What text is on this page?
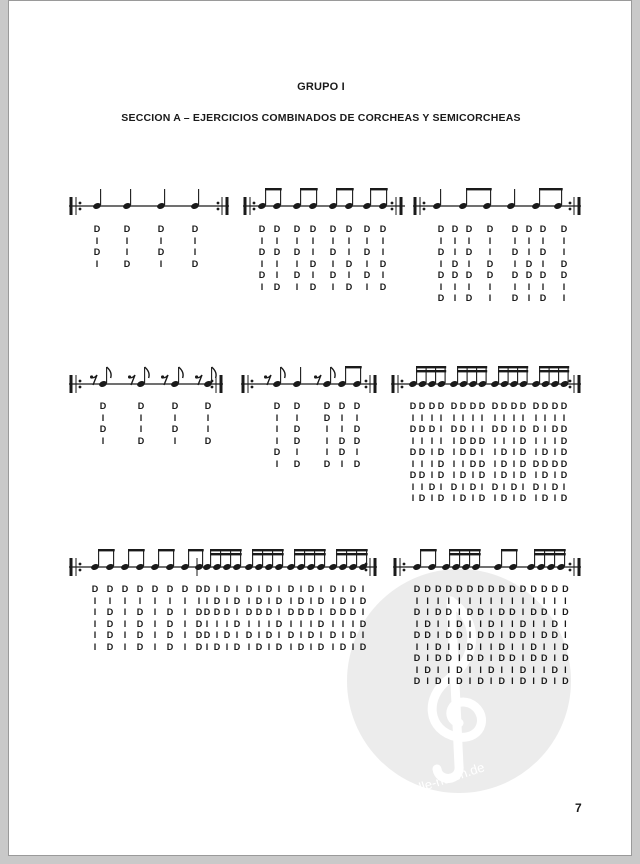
GRUPO I
SECCION A – EJERCICIOS COMBINADOS DE CORCHEAS Y SEMICORCHEAS
alle-noten.de
D
I
D
I
D
I
I
D
D
I
D
I
D
I
I
D
D
I
D
I
D
I
D
I
D
I
I
D
D
I
D
I
D
I
D
I
I
D
I
D
D
I
D
I
D
I
D
I
I
D
I
D
D
I
D
I
D
I
D
I
I
D
I
D
D
I
D
I
D
I
D
D
I
I
D
D
I
I
D
I
D
I
D
I
D
D
I
I
D
D
I
I
D
I
D
I
D
I
D
D
I
I
D
D
I
I
D
I
D
I
D
I
D
D
I
I
D
D
I
I
D
I
D
I
D
I
I
D
D
I
D
I
D
I
I
D
D
I
I
I
D
I
D
I
D
D
I
D
D
D
I
I
I
D
D
I
I
D
D
I
D
I
D
D
I
D
D
I
D
I
D
I
D
I
I
D
I
D
I
D
I
D
I
D
D
I
D
I
I
I
I
D
I
D
I
I
I
D
D
D
I
D
D
I
D
I
I
I
I
D
I
D
I
D
D
D
I
D
I
D
D
I
I
D
D
D
I
D
I
D
I
I
D
I
D
D
I
D
D
I
D
I
I
I
I
D
I
D
I
D
I
D
D
D
I
D
D
I
I
I
I
I
I
D
I
D
I
D
D
D
D
D
I
D
D
I
D
I
I
D
I
D
I
D
I
I
I
D
D
D
I
D
D
I
D
I
I
D
I
D
I
D
I
D
D
D
D
D
I
D
D
I
I
I
I
I
D
I
D
D
D
D
D
I
I
I
I
I
D
I
D
D
D
D
D
I
I
I
I
I
D
I
D
D
D
D
D
I
I
I
I
I
D
I
D
D
D
D
D
I
D
I
D
I
I
D
D
I
I
D
D
I
D
I
D
I
I
D
I
D
I
D
D
I
D
I
D
I
I
D
D
I
I
D
D
I
D
I
D
I
I
D
I
D
I
D
D
I
D
I
D
I
I
D
D
I
I
D
D
I
D
I
D
I
I
D
I
D
I
D
D
I
D
I
D
I
I
D
D
I
I
D
D
I
D
I
D
I
I
D
I
D
I
D
D
I
D
I
D
I
D
I
D
D
I
I
D
D
I
I
D
I
D
I
D
I
I
D
D
I
D
D
I
D
I
D
I
D
I
I
D
I
I
D
D
I
I
D
D
D
I
D
I
I
D
D
I
I
D
I
D
I
D
I
D
I
D
D
I
I
D
D
I
I
D
I
D
I
D
I
I
D
D
I
D
D
I
D
I
D
I
D
I
I
D
I
I
D
D
I
I
D
D
D
I
D
I
I
D
D
I
I
D
I
D
I
D
I
D
I
D
D
I
I
D
D
I
I
D
I
D
I
D
I
I
D
D
I
D
7
